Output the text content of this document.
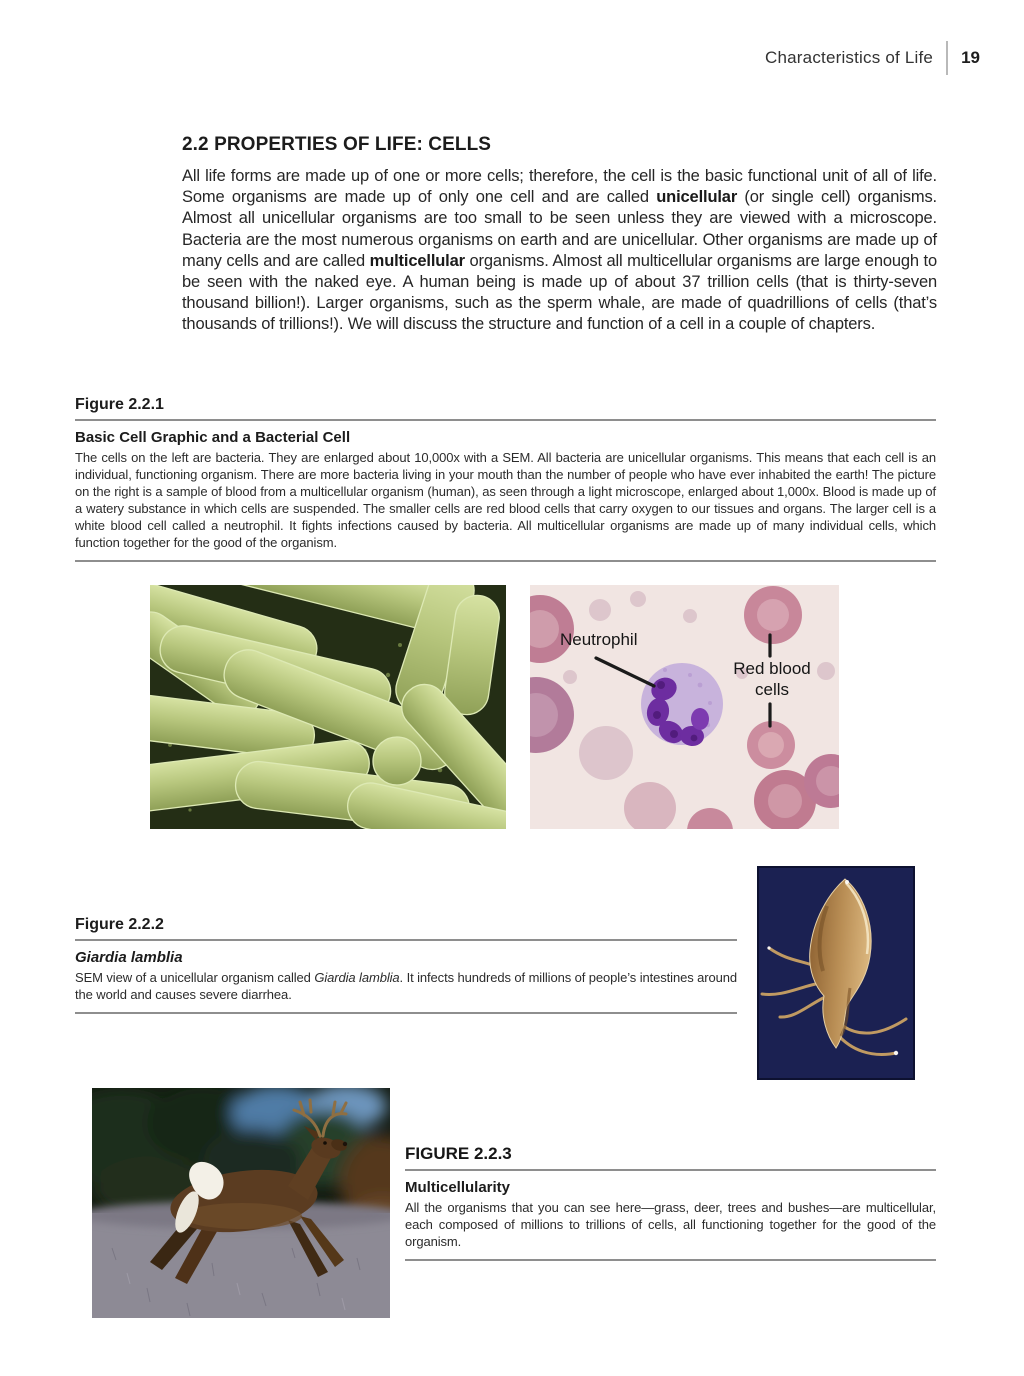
Characteristics of Life 19
2.2 PROPERTIES OF LIFE: CELLS
All life forms are made up of one or more cells; therefore, the cell is the basic functional unit of all of life. Some organisms are made up of only one cell and are called unicellular (or single cell) organisms. Almost all unicellular organisms are too small to be seen unless they are viewed with a microscope. Bacteria are the most numerous organisms on earth and are unicellular. Other organisms are made up of many cells and are called multicellular organisms. Almost all multicellular organisms are large enough to be seen with the naked eye. A human being is made up of about 37 trillion cells (that is thirty-seven thousand billion!). Larger organisms, such as the sperm whale, are made of quadrillions of cells (that’s thousands of trillions!). We will discuss the structure and function of a cell in a couple of chapters.
Figure 2.2.1
Basic Cell Graphic and a Bacterial Cell
The cells on the left are bacteria. They are enlarged about 10,000x with a SEM. All bacteria are unicellular organisms. This means that each cell is an individual, functioning organism. There are more bacteria living in your mouth than the number of people who have ever inhabited the earth! The picture on the right is a sample of blood from a multicellular organism (human), as seen through a light microscope, enlarged about 1,000x. Blood is made up of a watery substance in which cells are suspended. The smaller cells are red blood cells that carry oxygen to our tissues and organs. The larger cell is a white blood cell called a neutrophil. It fights infections caused by bacteria. All multicellular organisms are made up of many individual cells, which function together for the good of the organism.
Neutrophil
Red blood cells
Figure 2.2.2
Giardia lamblia
SEM view of a unicellular organism called Giardia lamblia. It infects hundreds of millions of people’s intestines around the world and causes severe diarrhea.
FIGURE 2.2.3
Multicellularity
All the organisms that you can see here—grass, deer, trees and bushes—are multicellular, each composed of millions to trillions of cells, all functioning together for the good of the organism.
